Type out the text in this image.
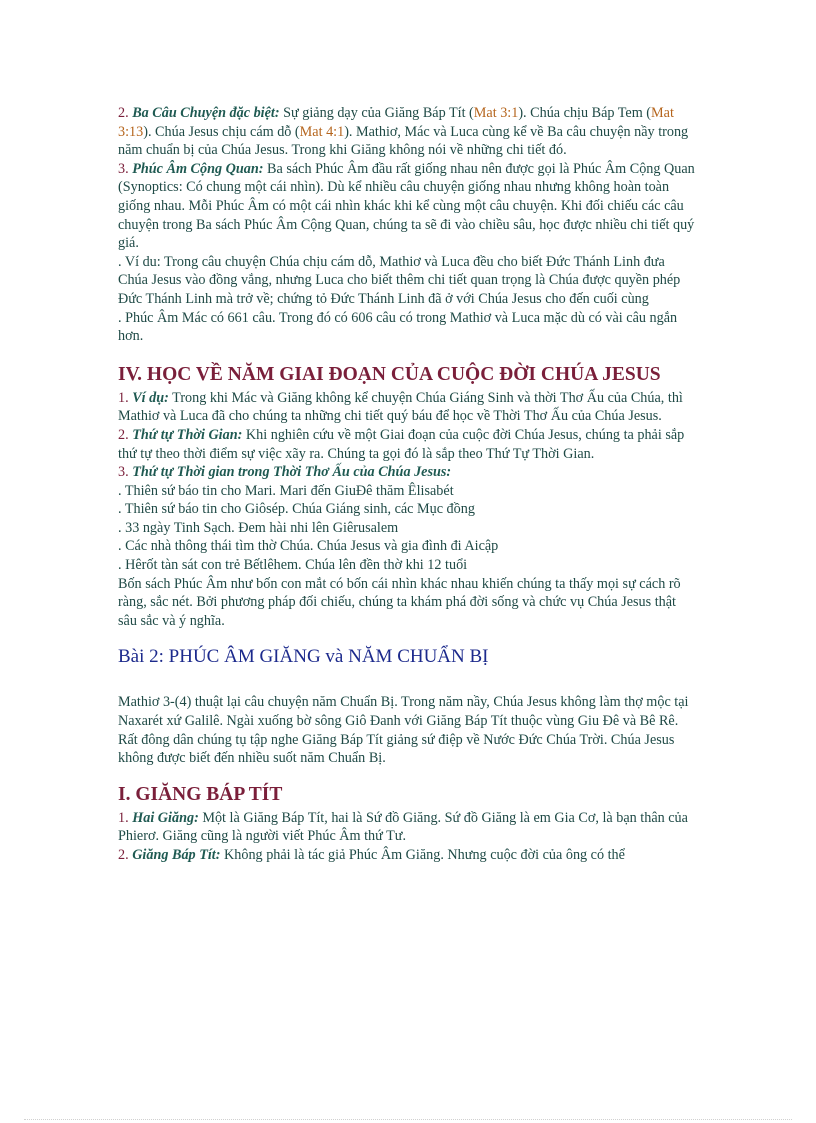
2. Ba Câu Chuyện đặc biệt: Sự giảng dạy của Giăng Báp Tít (Mat 3:1). Chúa chịu Báp Tem (Mat 3:13). Chúa Jesus chịu cám dỗ (Mat 4:1). Mathiơ, Mác và Luca cùng kể về Ba câu chuyện nầy trong năm chuẩn bị của Chúa Jesus. Trong khi Giăng không nói về những chi tiết đó.

3. Phúc Âm Cộng Quan: Ba sách Phúc Âm đầu rất giống nhau nên được gọi là Phúc Âm Cộng Quan (Synoptics: Có chung một cái nhìn). Dù kể nhiều câu chuyện giống nhau nhưng không hoàn toàn giống nhau. Mỗi Phúc Âm có một cái nhìn khác khi kể cùng một câu chuyện. Khi đối chiếu các câu chuyện trong Ba sách Phúc Âm Cộng Quan, chúng ta sẽ đi vào chiều sâu, học được nhiều chi tiết quý giá.

. Ví du: Trong câu chuyện Chúa chịu cám dỗ, Mathiơ và Luca đều cho biết Đức Thánh Linh đưa Chúa Jesus vào đồng vắng, nhưng Luca cho biết thêm chi tiết quan trọng là Chúa được quyền phép Đức Thánh Linh mà trở về; chứng tỏ Đức Thánh Linh đã ở với Chúa Jesus cho đến cuối cùng

. Phúc Âm Mác có 661 câu. Trong đó có 606 câu có trong Mathiơ và Luca mặc dù có vài câu ngắn hơn.

IV. HỌC VỀ NĂM GIAI ĐOẠN CỦA CUỘC ĐỜI CHÚA JESUS

1. Ví dụ: Trong khi Mác và Giăng không kể chuyện Chúa Giáng Sinh và thời Thơ Ấu của Chúa, thì Mathiơ và Luca đã cho chúng ta những chi tiết quý báu để học về Thời Thơ Ấu của Chúa Jesus.

2. Thứ tự Thời Gian: Khi nghiên cứu về một Giai đoạn của cuộc đời Chúa Jesus, chúng ta phải sắp thứ tự theo thời điểm sự việc xãy ra. Chúng ta gọi đó là sắp theo Thứ Tự Thời Gian.

3. Thứ tự Thời gian trong Thời Thơ Ấu của Chúa Jesus:

. Thiên sứ báo tin cho Mari. Mari đến GiuĐê thăm Êlisabét

. Thiên sứ báo tin cho Giôsép. Chúa Giáng sinh, các Mục đồng

. 33 ngày Tinh Sạch. Đem hài nhi lên Giêrusalem

. Các nhà thông thái tìm thờ Chúa. Chúa Jesus và gia đình đi Aicập

. Hêrốt tàn sát con trẻ Bếtlêhem. Chúa lên đền thờ khi 12 tuổi

Bốn sách Phúc Âm như bốn con mắt có bốn cái nhìn khác nhau khiến chúng ta thấy mọi sự cách rõ ràng, sắc nét. Bởi phương pháp đối chiếu, chúng ta khám phá đời sống và chức vụ Chúa Jesus thật sâu sắc và ý nghĩa.

Bài 2: PHÚC ÂM GIĂNG và NĂM CHUẨN BỊ

Mathiơ 3-(4) thuật lại câu chuyện năm Chuẩn Bị. Trong năm nầy, Chúa Jesus không làm thợ mộc tại Naxarét xứ Galilê. Ngài xuống bờ sông Giô Đanh với Giăng Báp Tít thuộc vùng Giu Đê và Bê Rê. Rất đông dân chúng tụ tập nghe Giăng Báp Tít giảng sứ điệp về Nước Đức Chúa Trời. Chúa Jesus không được biết đến nhiều suốt năm Chuẩn Bị.

I. GIĂNG BÁP TÍT

1. Hai Giăng: Một là Giăng Báp Tít, hai là Sứ đồ Giăng. Sứ đồ Giăng là em Gia Cơ, là bạn thân của Phierơ. Giăng cũng là người viết Phúc Âm thứ Tư.

2. Giăng Báp Tít: Không phải là tác giả Phúc Âm Giăng. Nhưng cuộc đời của ông có thể
